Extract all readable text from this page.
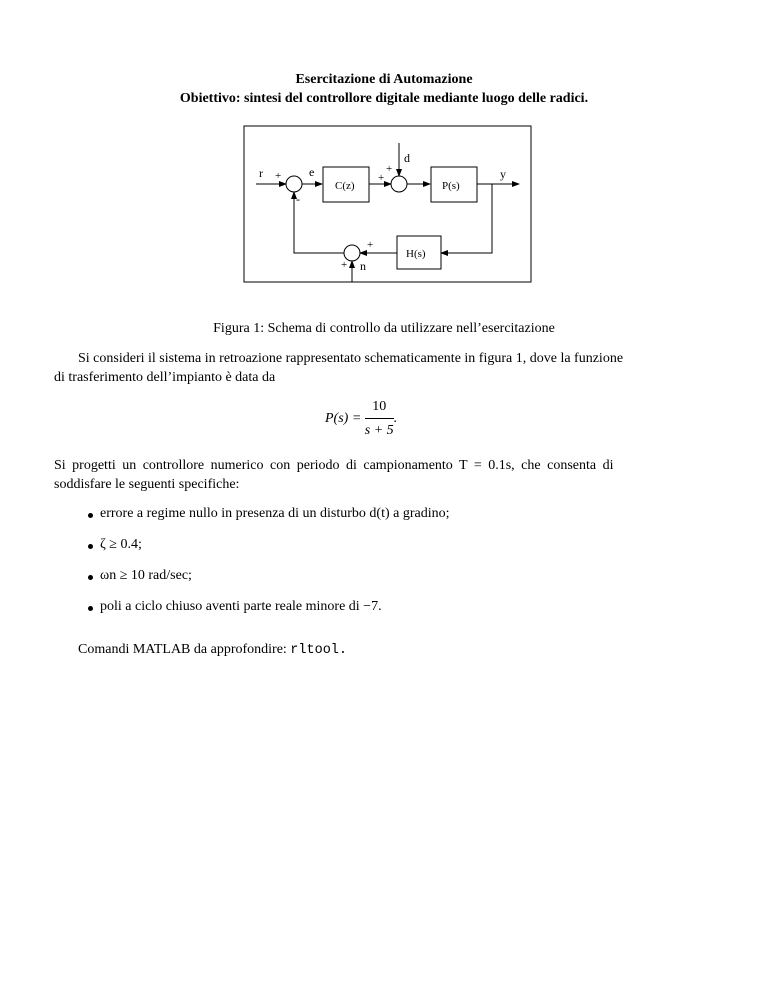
Esercitazione di Automazione
Obiettivo: sintesi del controllore digitale mediante luogo delle radici.
r + e
-
C(z)
+
+
d
P(s)
y
H(s)
+
+ n
Figura 1: Schema di controllo da utilizzare nell’esercitazione
Si consideri il sistema in retroazione rappresentato schematicamente in figura 1, dove la funzione
di trasferimento dell’impianto è data da
$P(s) = \frac{10}{s + 5}$ .
Si progetti un controllore numerico con periodo di campionamento T = 0.1s, che consenta di
soddisfare le seguenti specifiche:
errore a regime nullo in presenza di un disturbo d(t) a gradino;
ζ ≥ 0.4;
ωn ≥ 10 rad/sec;
poli a ciclo chiuso aventi parte reale minore di −7.
Comandi MATLAB da approfondire: rltool.
